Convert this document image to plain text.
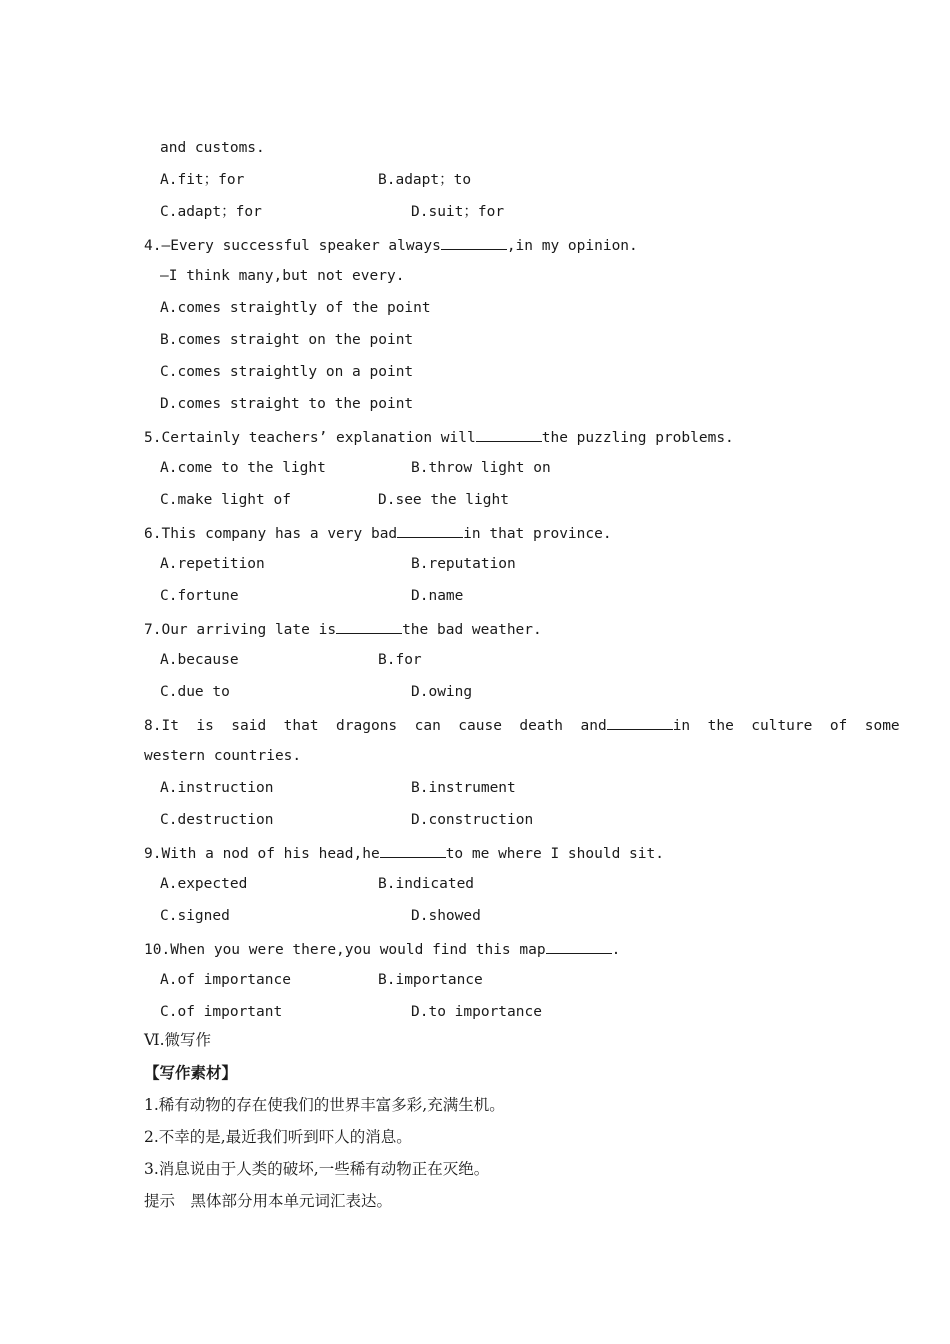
and customs.
A.fit；for	B.adapt；to
C.adapt；for	D.suit；for
4.—Every successful speaker always	,in my opinion.
—I think many,but not every.
A.comes straightly of the point
B.comes straight on the point
C.comes straightly on a point
D.comes straight to the point
5.Certainly teachers’ explanation will	the puzzling problems.
A.come to the light	B.throw light on
C.make light of	D.see the light
6.This company has a very bad	in that province.
A.repetition	B.reputation
C.fortune	D.name
7.Our arriving late is	the bad weather.
A.because	B.for
C.due to	D.owing
8.It  is  said  that  dragons  can  cause  death  and	in  the  culture  of  some
western countries.
A.instruction	B.instrument
C.destruction	D.construction
9.With a nod of his head,he	to me where I should sit.
A.expected	B.indicated
C.signed	D.showed
10.When you were there,you would find this map	.
A.of importance	B.importance
C.of important	D.to importance
Ⅵ.微写作
【写作素材】
1.稀有动物的存在使我们的世界丰富多彩,充满生机。
2.不幸的是,最近我们听到吓人的消息。
3.消息说由于人类的破坏,一些稀有动物正在灭绝。
提示　黑体部分用本单元词汇表达。
